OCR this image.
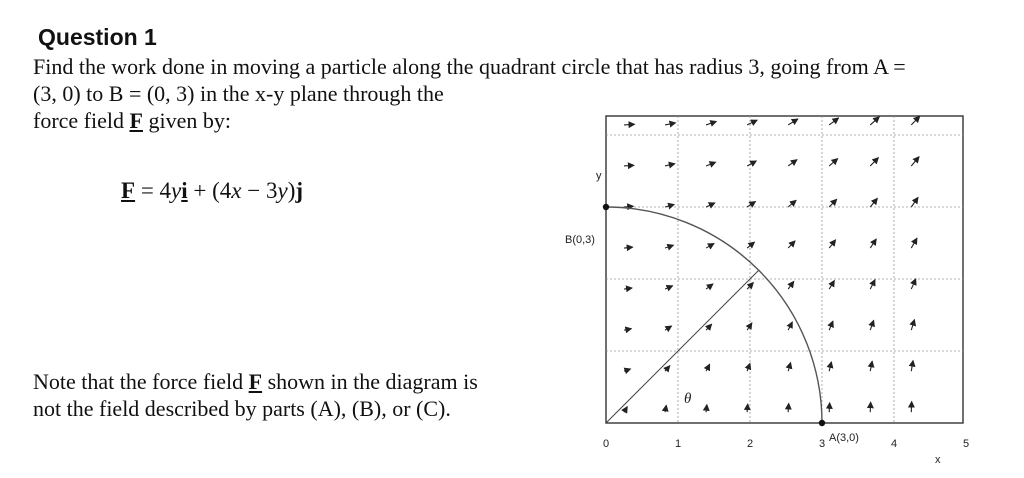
Question 1
Find the work done in moving a particle along the quadrant circle that has radius 3, going from A =
(3, 0) to B = (0, 3) in the x-y plane through the
force field F given by:
F = 4yi + (4x − 3y)j
Note that the force field F shown in the diagram is
not the field described by parts (A), (B), or (C).
y
x
B(0,3)
A(3,0)
θ
0	1	2	3	4	5
